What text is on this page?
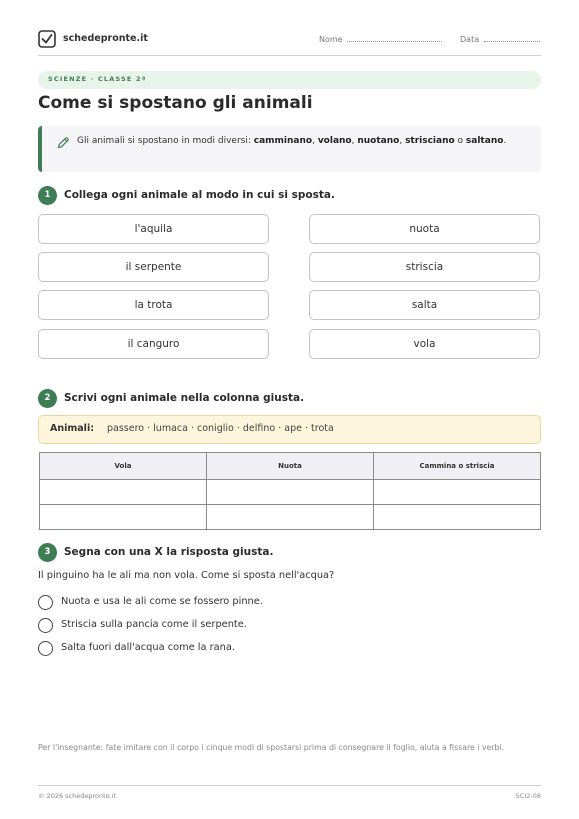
schedepronte.it	Nome	Data
SCIENZE · CLASSE 2ª
Come si spostano gli animali
Gli animali si spostano in modi diversi: camminano, volano, nuotano, strisciano o saltano.
1	Collega ogni animale al modo in cui si sposta.
l'aquila
il serpente
la trota
il canguro
nuota
striscia
salta
vola
2	Scrivi ogni animale nella colonna giusta.
Animali: passero · lumaca · coniglio · delfino · ape · trota
Vola	Nuota	Cammina o striscia

3	Segna con una X la risposta giusta.
Il pinguino ha le ali ma non vola. Come si sposta nell'acqua?
Nuota e usa le ali come se fossero pinne.
Striscia sulla pancia come il serpente.
Salta fuori dall'acqua come la rana.
Per l'insegnante: fate imitare con il corpo i cinque modi di spostarsi prima di consegnare il foglio, aiuta a fissare i verbi.
© 2026 schedepronte.it	SCI2-08
